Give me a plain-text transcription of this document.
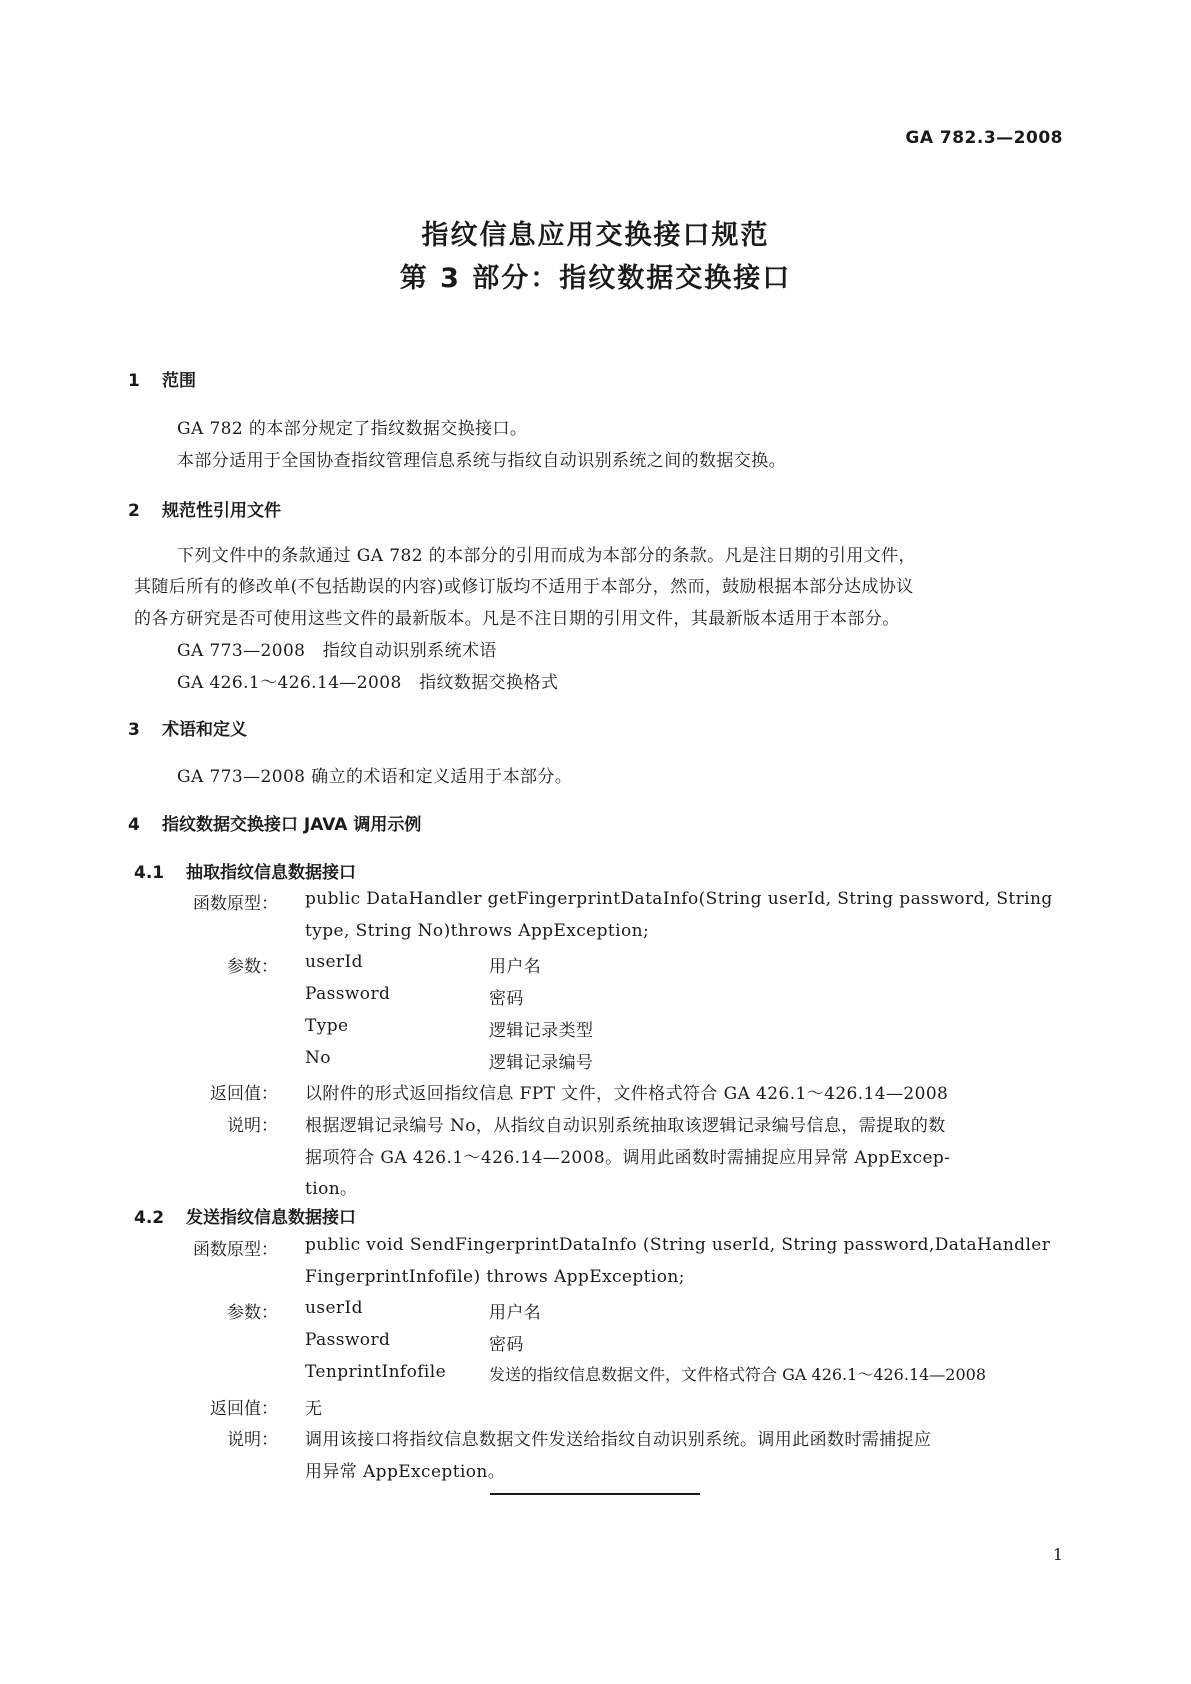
GA 782.3—2008
指纹信息应用交换接口规范
第 3 部分：指纹数据交换接口
1 范围
GA 782 的本部分规定了指纹数据交换接口。
本部分适用于全国协查指纹管理信息系统与指纹自动识别系统之间的数据交换。
2 规范性引用文件
下列文件中的条款通过 GA 782 的本部分的引用而成为本部分的条款。凡是注日期的引用文件，
其随后所有的修改单(不包括勘误的内容)或修订版均不适用于本部分，然而，鼓励根据本部分达成协议
的各方研究是否可使用这些文件的最新版本。凡是不注日期的引用文件，其最新版本适用于本部分。
GA 773—2008　指纹自动识别系统术语
GA 426.1～426.14—2008　指纹数据交换格式
3 术语和定义
GA 773—2008 确立的术语和定义适用于本部分。
4 指纹数据交换接口 JAVA 调用示例
4.1 抽取指纹信息数据接口
函数原型： public DataHandler getFingerprintDataInfo(String userId, String password, String
type, String No)throws AppException;
参数： userId	用户名
Password	密码
Type	逻辑记录类型
No	逻辑记录编号
返回值： 以附件的形式返回指纹信息 FPT 文件，文件格式符合 GA 426.1～426.14—2008
说明： 根据逻辑记录编号 No，从指纹自动识别系统抽取该逻辑记录编号信息，需提取的数
据项符合 GA 426.1～426.14—2008。调用此函数时需捕捉应用异常 AppExcep-
tion。
4.2 发送指纹信息数据接口
函数原型： public void SendFingerprintDataInfo (String userId, String password,DataHandler
FingerprintInfofile) throws AppException;
参数： userId	用户名
Password	密码
TenprintInfofile	发送的指纹信息数据文件，文件格式符合 GA 426.1～426.14—2008
返回值： 无
说明： 调用该接口将指纹信息数据文件发送给指纹自动识别系统。调用此函数时需捕捉应
用异常 AppException。
1
